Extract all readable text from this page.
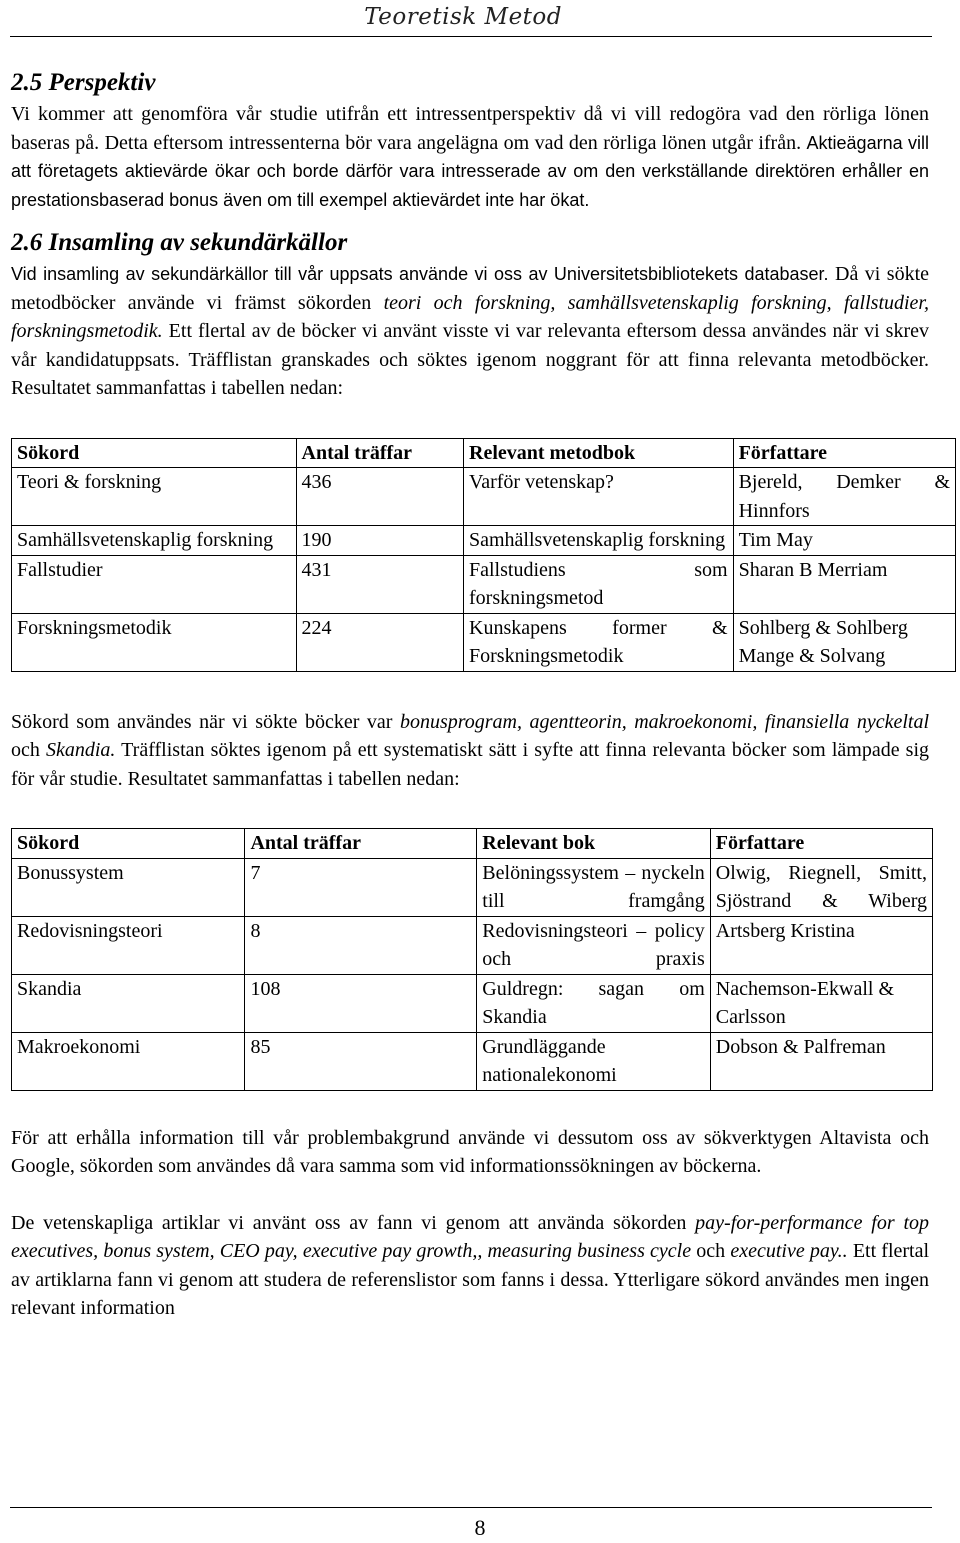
Teoretisk Metod
2.5 Perspektiv

Vi kommer att genomföra vår studie utifrån ett intressentperspektiv då vi vill redogöra vad den rörliga lönen baseras på. Detta eftersom intressenterna bör vara angelägna om vad den rörliga lönen utgår ifrån. Aktieägarna vill att företagets aktievärde ökar och borde därför vara intresserade av om den verkställande direktören erhåller en prestationsbaserad bonus även om till exempel aktievärdet inte har ökat.

2.6 Insamling av sekundärkällor

Vid insamling av sekundärkällor till vår uppsats använde vi oss av Universitetsbibliotekets databaser. Då vi sökte metodböcker använde vi främst sökorden teori och forskning, samhällsvetenskaplig forskning, fallstudier, forskningsmetodik. Ett flertal av de böcker vi använt visste vi var relevanta eftersom dessa användes när vi skrev vår kandidatuppsats. Träfflistan granskades och söktes igenom noggrant för att finna relevanta metodböcker. Resultatet sammanfattas i tabellen nedan:

Sökord	Antal träffar	Relevant metodbok	Författare
Teori & forskning	436	Varför vetenskap?	Bjereld, Demker & Hinnfors
Samhällsvetenskaplig forskning	190	Samhällsvetenskaplig forskning	Tim May
Fallstudier	431	Fallstudiens som forskningsmetod	Sharan B Merriam
Forskningsmetodik	224	Kunskapens former & Forskningsmetodik	Sohlberg & Sohlberg Mange & Solvang

Sökord som användes när vi sökte böcker var bonusprogram, agentteorin, makroekonomi, finansiella nyckeltal och Skandia. Träfflistan söktes igenom på ett systematiskt sätt i syfte att finna relevanta böcker som lämpade sig för vår studie. Resultatet sammanfattas i tabellen nedan:

Sökord	Antal träffar	Relevant bok	Författare
Bonussystem	7	Belöningssystem – nyckeln till framgång	Olwig, Riegnell, Smitt, Sjöstrand & Wiberg
Redovisningsteori	8	Redovisningsteori – policy och praxis	Artsberg Kristina
Skandia	108	Guldregn: sagan om Skandia	Nachemson-Ekwall & Carlsson
Makroekonomi	85	Grundläggande nationalekonomi	Dobson & Palfreman

För att erhålla information till vår problembakgrund använde vi dessutom oss av sökverktygen Altavista och Google, sökorden som användes då vara samma som vid informationssökningen av böckerna.

De vetenskapliga artiklar vi använt oss av fann vi genom att använda sökorden pay-for-performance for top executives, bonus system, CEO pay, executive pay growth,, measuring business cycle och executive pay.. Ett flertal av artiklarna fann vi genom att studera de referenslistor som fanns i dessa. Ytterligare sökord användes men ingen relevant information

8
